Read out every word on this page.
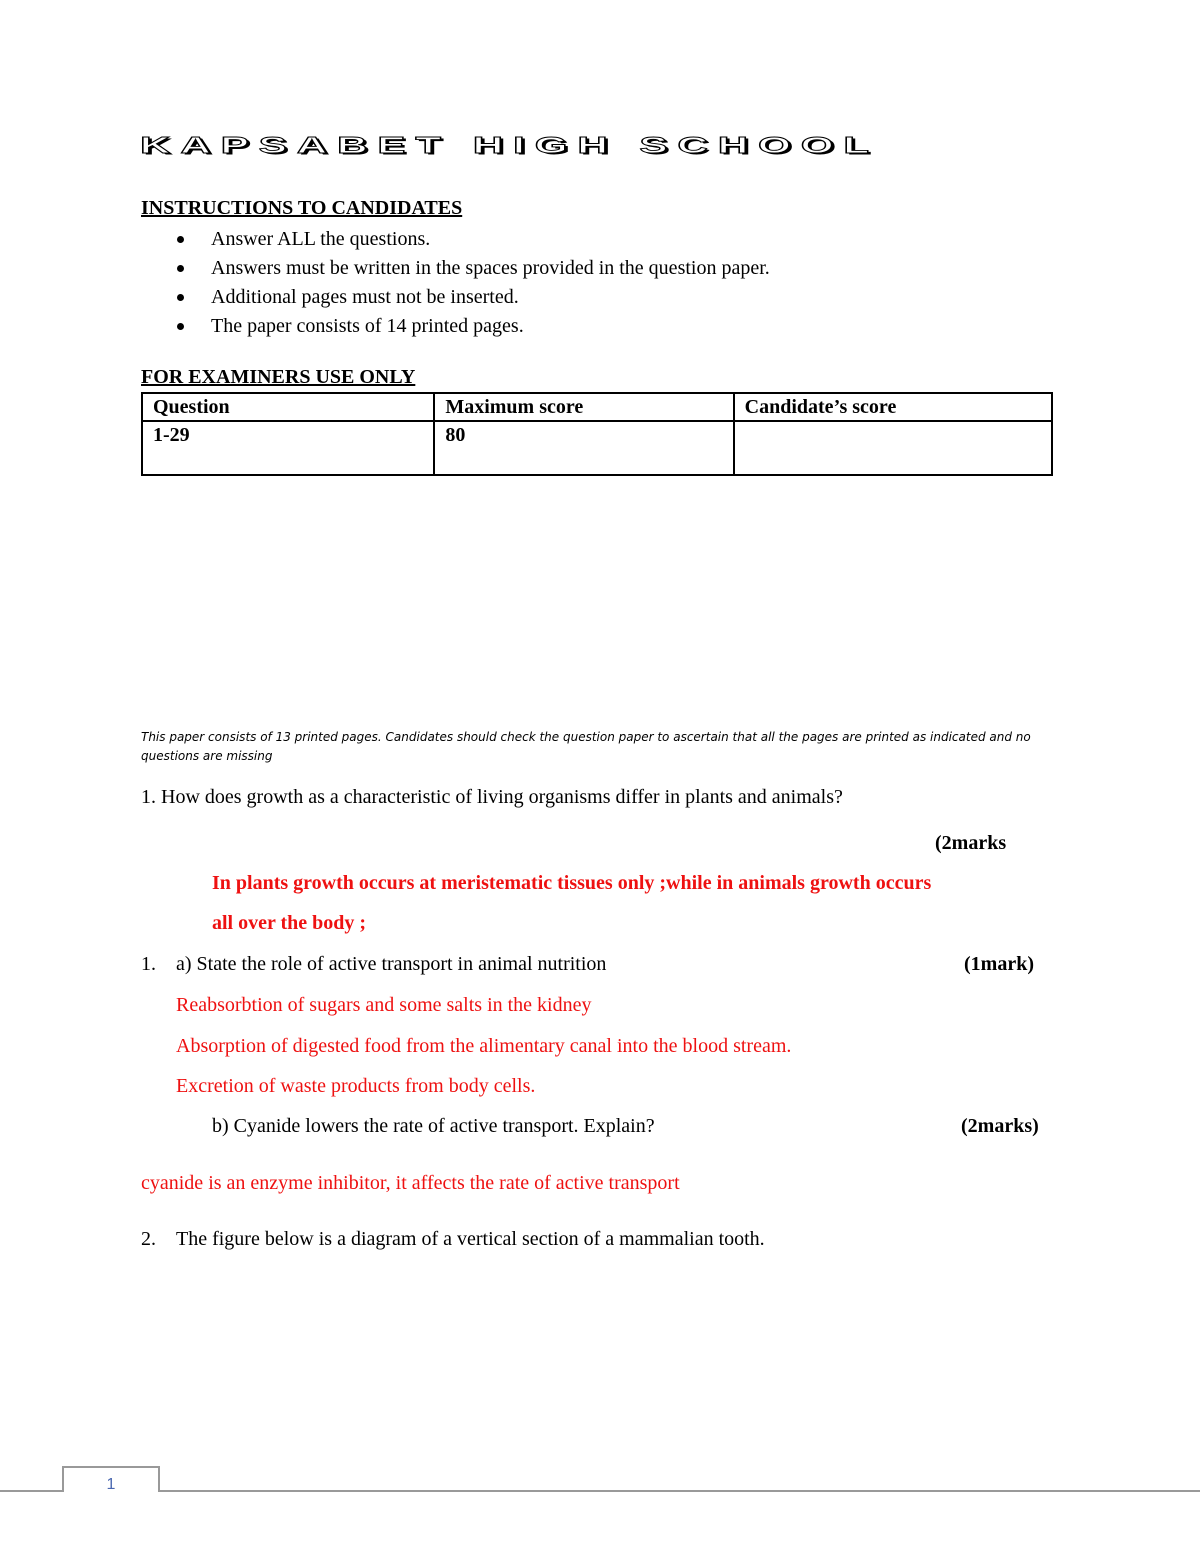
KAPSABET HIGH SCHOOL
INSTRUCTIONS TO CANDIDATES
Answer ALL the questions.
Answers must be written in the spaces provided in the question paper.
Additional pages must not be inserted.
The paper consists of 14 printed pages.
FOR EXAMINERS USE ONLY
Question	Maximum score	Candidate’s score
1-29	80	
This paper consists of 13 printed pages. Candidates should check the question paper to ascertain that all the pages are printed as indicated and no questions are missing
1. How does growth as a characteristic of living organisms differ in plants and animals?
(2marks
In plants growth occurs at meristematic tissues only ;while in animals growth occurs
all over the body ;
1. a) State the role of active transport in animal nutrition	(1mark)
Reabsorbtion of sugars and some salts in the kidney
Absorption of digested food from the alimentary canal into the blood stream.
Excretion of waste products from body cells.
b) Cyanide lowers the rate of active transport. Explain?	(2marks)
cyanide is an enzyme inhibitor, it affects the rate of active transport
2. The figure below is a diagram of a vertical section of a mammalian tooth.
1
